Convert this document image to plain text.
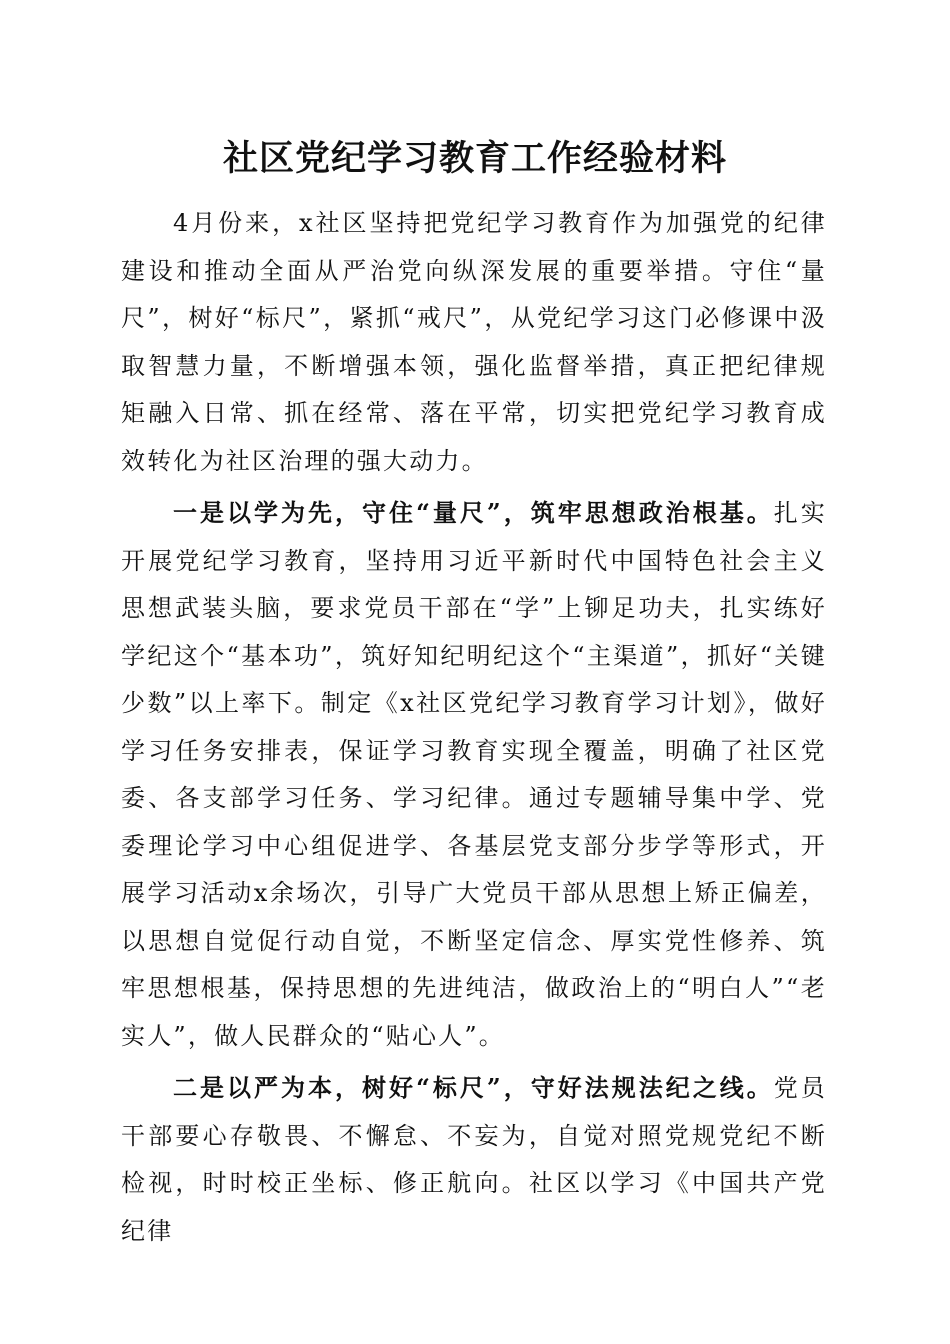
社区党纪学习教育工作经验材料

4月份来，x社区坚持把党纪学习教育作为加强党的纪律建设和推动全面从严治党向纵深发展的重要举措。守住“量尺”，树好“标尺”，紧抓“戒尺”，从党纪学习这门必修课中汲取智慧力量，不断增强本领，强化监督举措，真正把纪律规矩融入日常、抓在经常、落在平常，切实把党纪学习教育成效转化为社区治理的强大动力。

一是以学为先，守住“量尺”，筑牢思想政治根基。扎实开展党纪学习教育，坚持用习近平新时代中国特色社会主义思想武装头脑，要求党员干部在“学”上铆足功夫，扎实练好学纪这个“基本功”，筑好知纪明纪这个“主渠道”，抓好“关键少数”以上率下。制定《x社区党纪学习教育学习计划》，做好学习任务安排表，保证学习教育实现全覆盖，明确了社区党委、各支部学习任务、学习纪律。通过专题辅导集中学、党委理论学习中心组促进学、各基层党支部分步学等形式，开展学习活动x余场次，引导广大党员干部从思想上矫正偏差，以思想自觉促行动自觉，不断坚定信念、厚实党性修养、筑牢思想根基，保持思想的先进纯洁，做政治上的“明白人”“老实人”，做人民群众的“贴心人”。

二是以严为本，树好“标尺”，守好法规法纪之线。党员干部要心存敬畏、不懈怠、不妄为，自觉对照党规党纪不断检视，时时校正坐标、修正航向。社区以学习《中国共产党纪律
